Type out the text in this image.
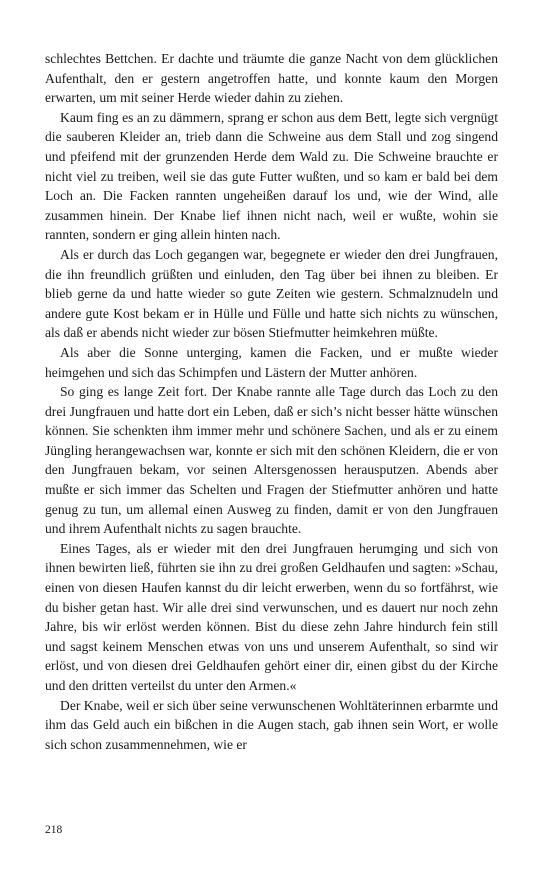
schlechtes Bettchen. Er dachte und träumte die ganze Nacht von dem glücklichen Aufenthalt, den er gestern angetroffen hatte, und konnte kaum den Morgen erwarten, um mit seiner Herde wieder dahin zu ziehen.

Kaum fing es an zu dämmern, sprang er schon aus dem Bett, legte sich vergnügt die sauberen Kleider an, trieb dann die Schweine aus dem Stall und zog singend und pfeifend mit der grunzenden Herde dem Wald zu. Die Schweine brauchte er nicht viel zu treiben, weil sie das gute Futter wußten, und so kam er bald bei dem Loch an. Die Facken rannten ungeheißen darauf los und, wie der Wind, alle zusammen hinein. Der Knabe lief ihnen nicht nach, weil er wußte, wohin sie rannten, sondern er ging allein hinten nach.

Als er durch das Loch gegangen war, begegnete er wieder den drei Jungfrauen, die ihn freundlich grüßten und einluden, den Tag über bei ihnen zu bleiben. Er blieb gerne da und hatte wieder so gute Zeiten wie gestern. Schmalznudeln und andere gute Kost bekam er in Hülle und Fülle und hatte sich nichts zu wünschen, als daß er abends nicht wieder zur bösen Stiefmutter heimkehren müßte.

Als aber die Sonne unterging, kamen die Facken, und er mußte wieder heimgehen und sich das Schimpfen und Lästern der Mutter anhören.

So ging es lange Zeit fort. Der Knabe rannte alle Tage durch das Loch zu den drei Jungfrauen und hatte dort ein Leben, daß er sich’s nicht besser hätte wünschen können. Sie schenkten ihm immer mehr und schönere Sachen, und als er zu einem Jüngling herangewachsen war, konnte er sich mit den schönen Kleidern, die er von den Jungfrauen bekam, vor seinen Altersgenossen herausputzen. Abends aber mußte er sich immer das Schelten und Fragen der Stiefmutter anhören und hatte genug zu tun, um allemal einen Ausweg zu finden, damit er von den Jungfrauen und ihrem Aufenthalt nichts zu sagen brauchte.

Eines Tages, als er wieder mit den drei Jungfrauen herumging und sich von ihnen bewirten ließ, führten sie ihn zu drei großen Geldhaufen und sagten: »Schau, einen von diesen Haufen kannst du dir leicht erwerben, wenn du so fortfährst, wie du bisher getan hast. Wir alle drei sind verwunschen, und es dauert nur noch zehn Jahre, bis wir erlöst werden können. Bist du diese zehn Jahre hindurch fein still und sagst keinem Menschen etwas von uns und unserem Aufenthalt, so sind wir erlöst, und von diesen drei Geldhaufen gehört einer dir, einen gibst du der Kirche und den dritten verteilst du unter den Armen.«

Der Knabe, weil er sich über seine verwunschenen Wohltäterinnen erbarmte und ihm das Geld auch ein bißchen in die Augen stach, gab ihnen sein Wort, er wolle sich schon zusammennehmen, wie er

218
